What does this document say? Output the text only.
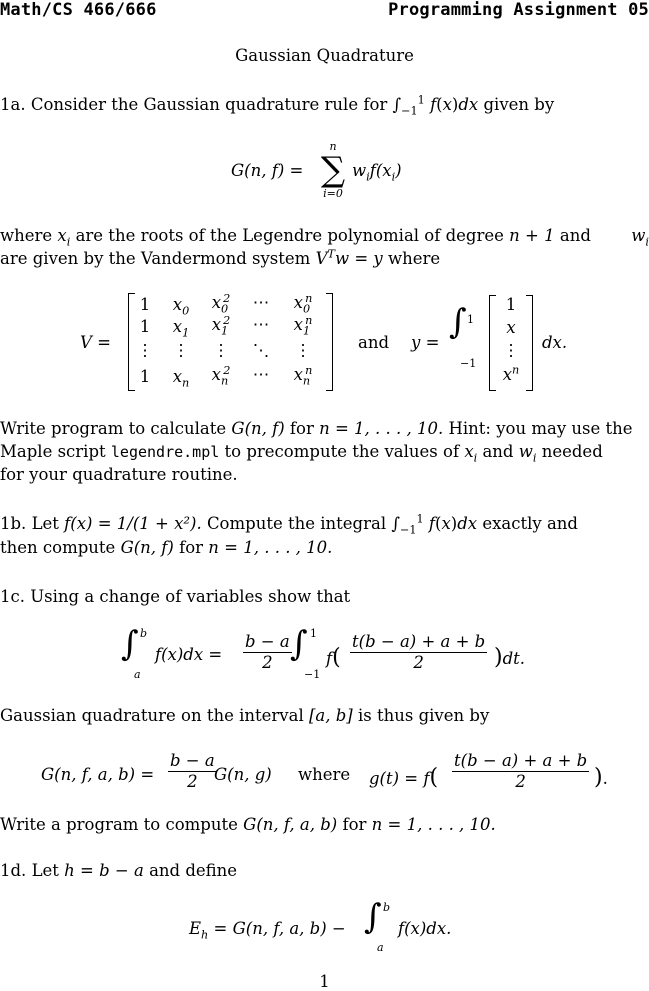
Math/CS 466/666	Programming Assignment 05
Gaussian Quadrature
1a. Consider the Gaussian quadrature rule for $\int_{-1}^1$ f(x)dx given by
G(n, f) =
n
∑
i=0
$w_if(x_i)$
where $x_i$ are the roots of the Legendre polynomial of degree n + 1 and $w_i$
are given by the Vandermond system $V^Tw = y$ where
V =
1	$x_0$	$x_0^2$	⋯	$x_0^n$
1	$x_1$	$x_1^2$	⋯	$x_1^n$
⋮	⋮	⋮	⋱	⋮
1	$x_n$	$x_n^2$	⋯	$x_n^n$
and y =
∫ 1
−1
1
x
⋮
$x^n$
dx.
Write program to calculate G(n, f) for n = 1, . . . , 10. Hint: you may use the
Maple script legendre.mpl to precompute the values of $x_i$ and $w_i$ needed
for your quadrature routine.
1b. Let f(x) = 1/(1 + x²). Compute the integral $\int_{-1}^1$ f(x)dx exactly and
then compute G(n, f) for n = 1, . . . , 10.
1c. Using a change of variables show that
∫ b
a
$f(x)dx = \frac{b - a}{2}$
∫ 1
−1
$f( \frac{t(b - a) + a + b}{2} )dt$.
Gaussian quadrature on the interval [a, b] is thus given by
G(n, f, a, $b) = \frac{b - a}{2}$
G(n, g) where $g(t) = f( \frac{t(b - a) + a + b}{2}$ ).
Write a program to compute G(n, f, a, b) for n = 1, . . . , 10.
1d. Let h = b − a and define
$E_h = G(n$, f, a, b) − ∫ b
a
f(x)dx.
1
